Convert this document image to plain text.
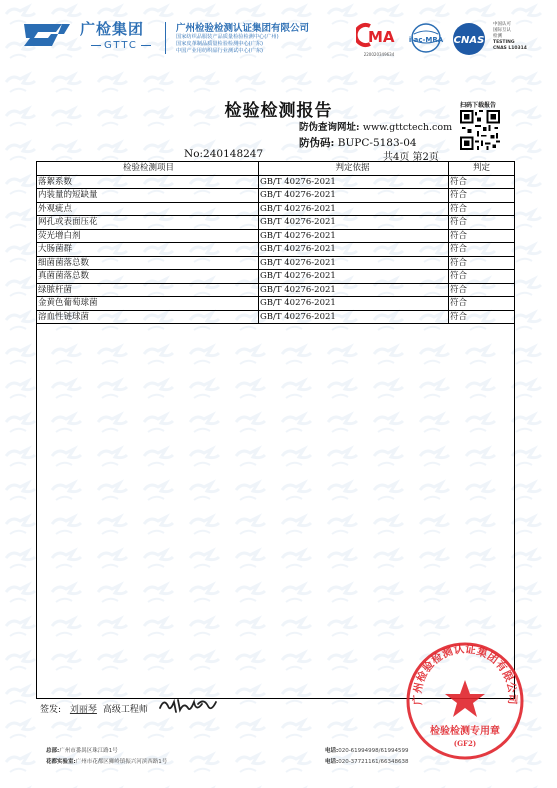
广检集团
GTTC
广州检验检测认证集团有限公司
国家纺织品服装产品质量检验检测中心(广州)
国家皮革制品质量检验检测中心(广东)
中国产业用纺织品行业测试中心(广东)
MA
220020349634
ilac-MRA CNAS
中国认可
国际互认
检测
TESTING
CNAS L10314
检验检测报告	扫码下载报告
防伪查询网址: www.gttctech.com
防伪码: BUPC-5183-04
No:240148247	共4页 第2页
检验检测项目	判定依据	判定
落絮系数	GB/T 40276-2021	符合
内装量的短缺量	GB/T 40276-2021	符合
外观疵点	GB/T 40276-2021	符合
网孔或表面压花	GB/T 40276-2021	符合
荧光增白剂	GB/T 40276-2021	符合
大肠菌群	GB/T 40276-2021	符合
细菌菌落总数	GB/T 40276-2021	符合
真菌菌落总数	GB/T 40276-2021	符合
绿脓杆菌	GB/T 40276-2021	符合
金黄色葡萄球菌	GB/T 40276-2021	符合
溶血性链球菌	GB/T 40276-2021	符合
签发: 刘丽琴 高级工程师
广州检验检测认证集团有限公司
检验检测专用章
(GF2)
总部:广州市番禺区珠江路1号	电话:020-61994998/61994599
花都实验室:广州市花都区狮岭镇振兴河滨西路1号	电话:020-37721161/66348638
